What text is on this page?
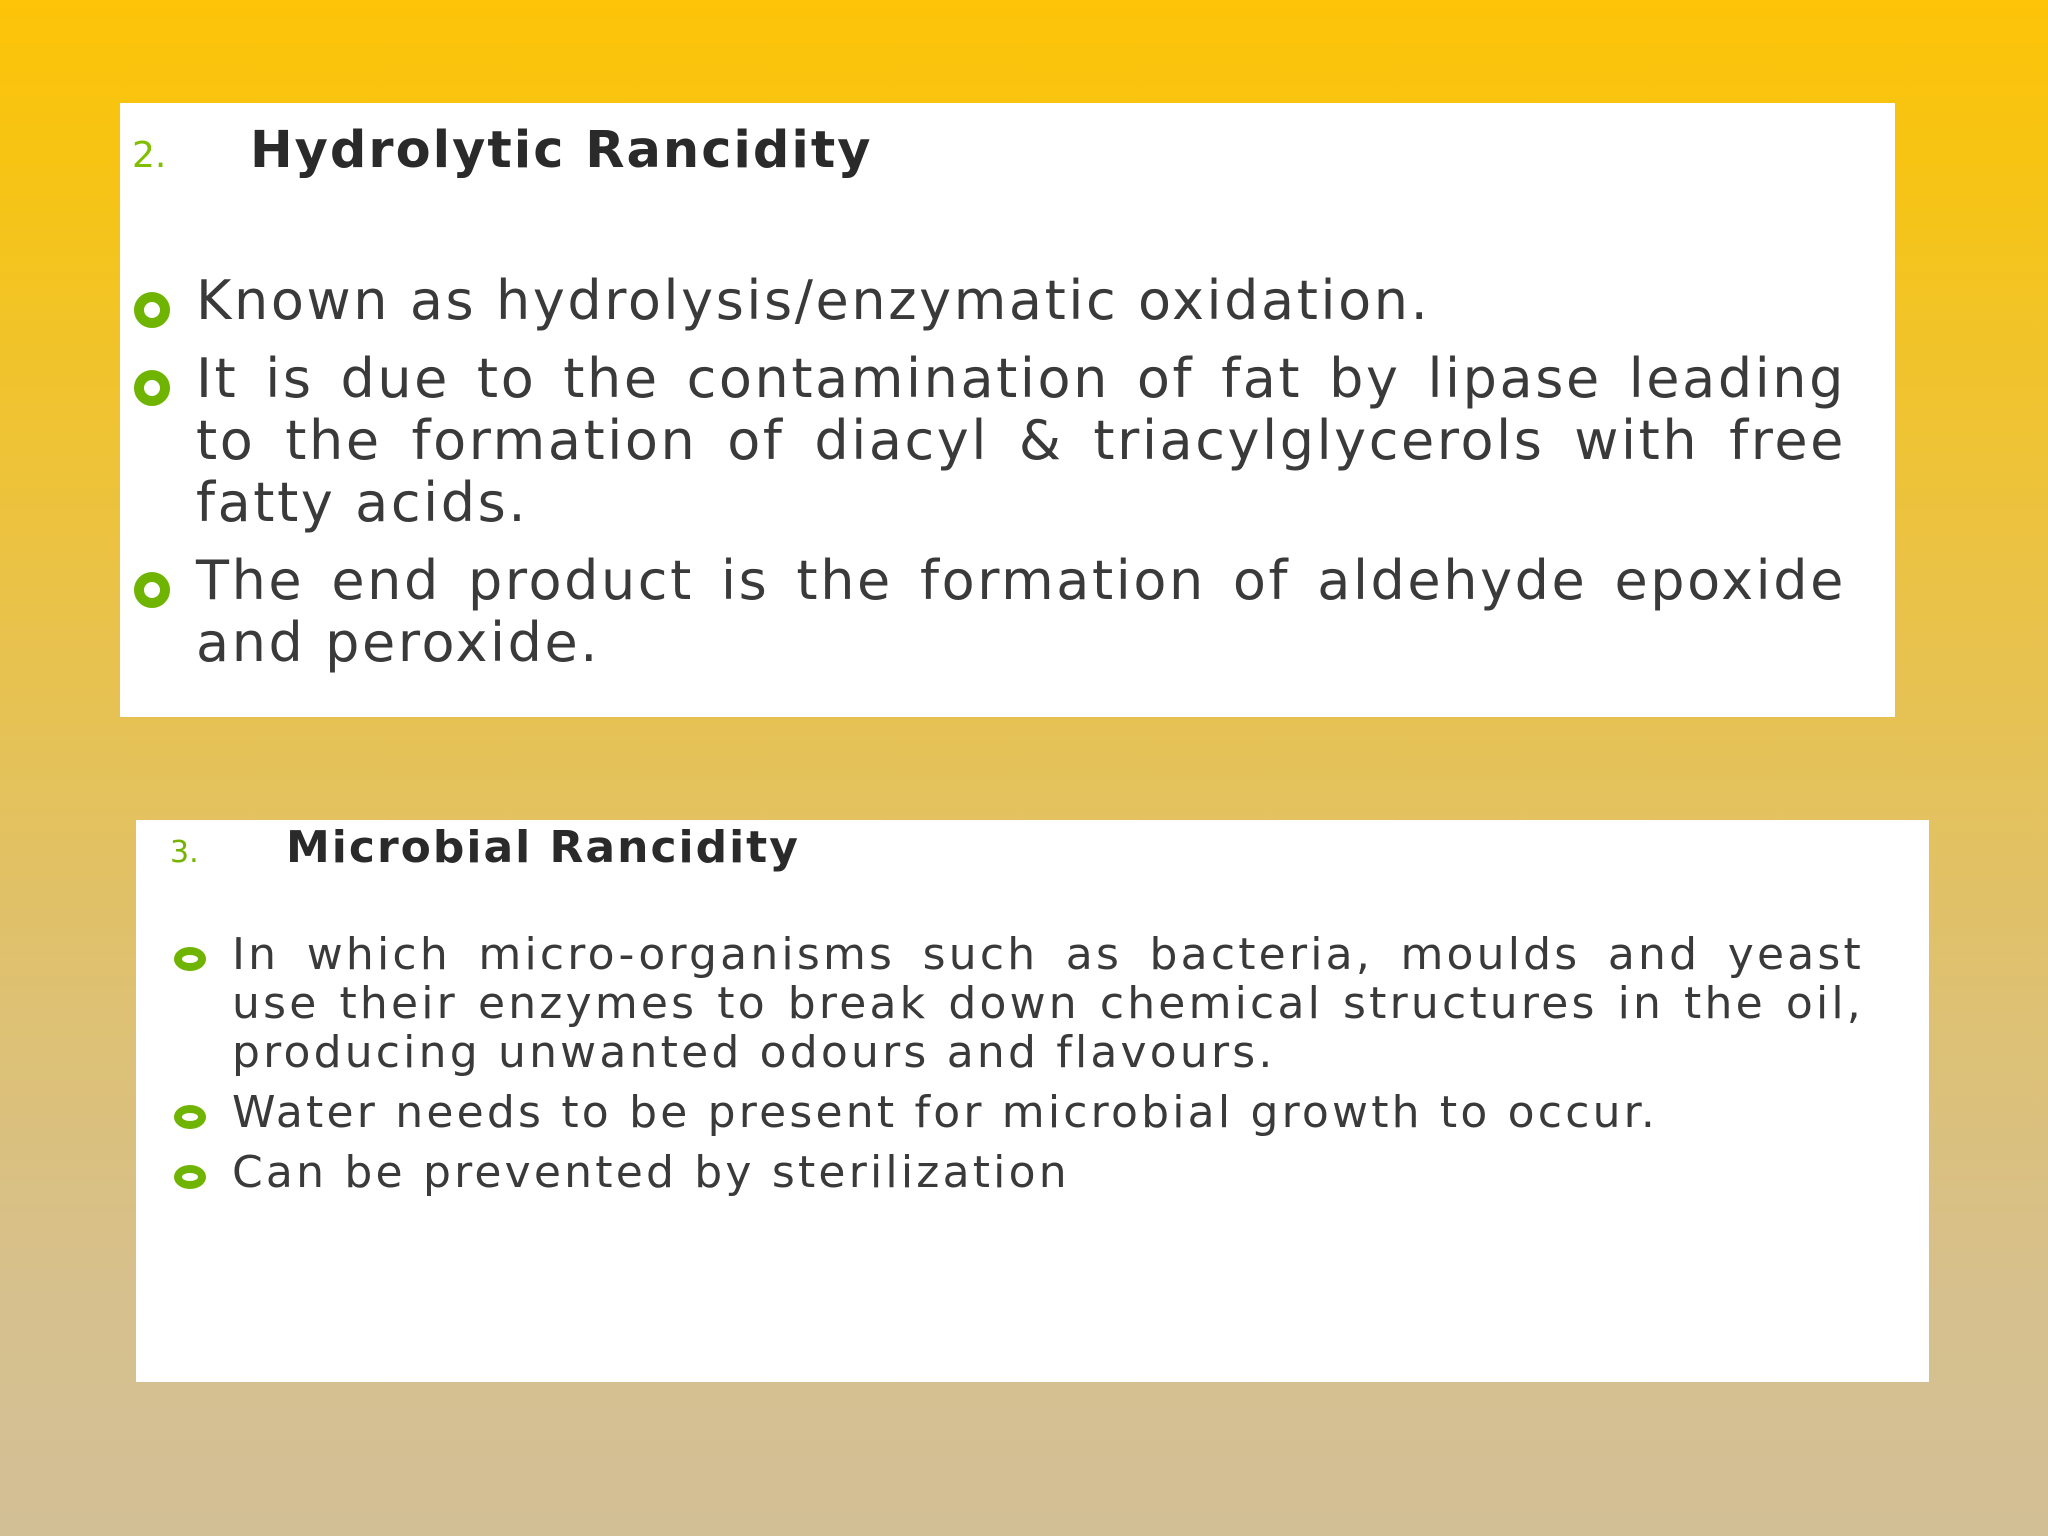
2.	Hydrolytic Rancidity
Known as hydrolysis/enzymatic oxidation.
It is due to the contamination of fat by lipase leading to the formation of diacyl & triacylglycerols with free fatty acids.
The end product is the formation of aldehyde epoxide and peroxide.
3.	Microbial Rancidity
In which micro-organisms such as bacteria, moulds and yeast use their enzymes to break down chemical structures in the oil, producing unwanted odours and flavours.
Water needs to be present for microbial growth to occur.
Can be prevented by sterilization
